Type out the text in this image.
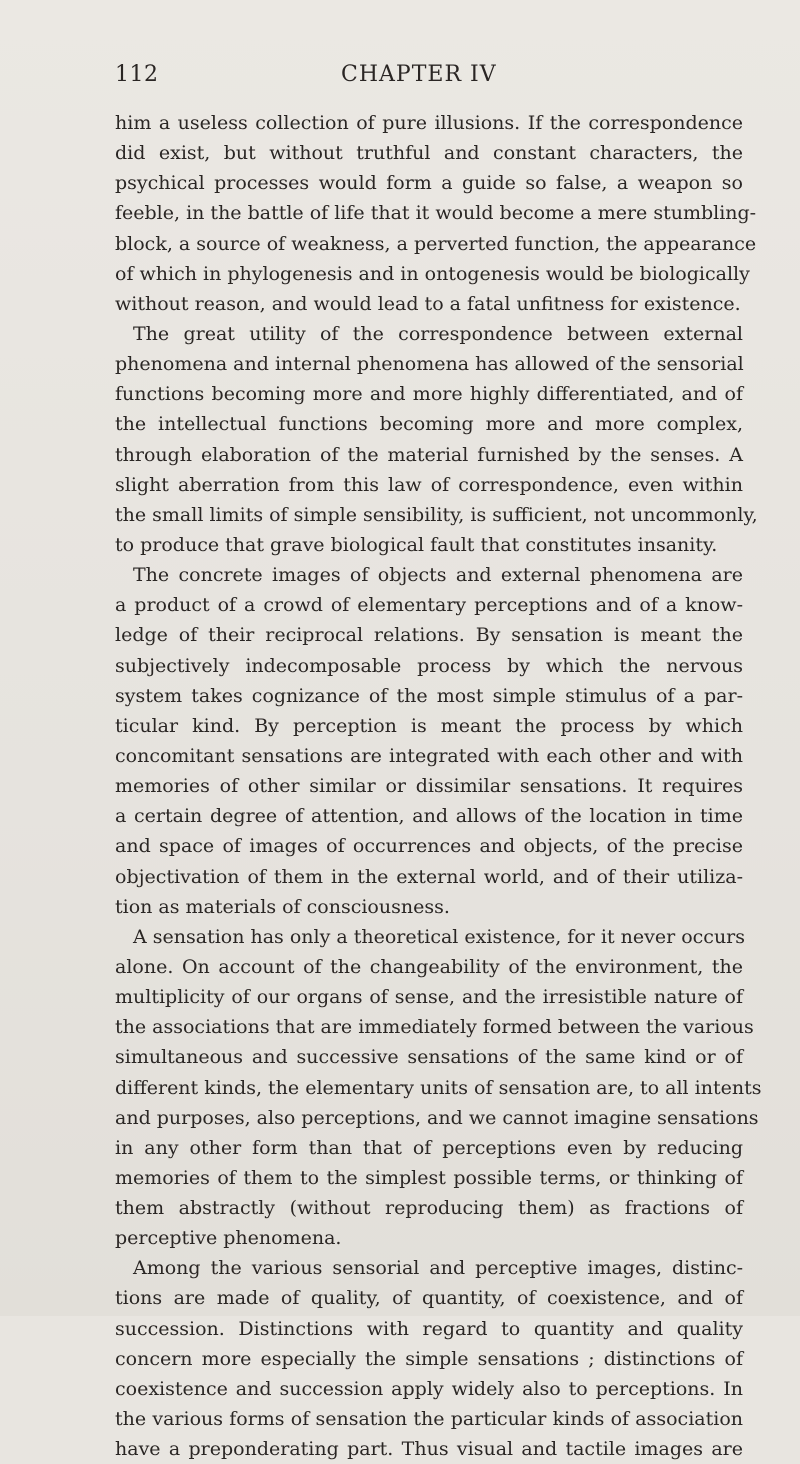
112	CHAPTER IV
him a useless collection of pure illusions. If the correspondence
did exist, but without truthful and constant characters, the
psychical processes would form a guide so false, a weapon so
feeble, in the battle of life that it would become a mere stumbling-
block, a source of weakness, a perverted function, the appearance
of which in phylogenesis and in ontogenesis would be biologically
without reason, and would lead to a fatal unfitness for existence.
The great utility of the correspondence between external
phenomena and internal phenomena has allowed of the sensorial
functions becoming more and more highly differentiated, and of
the intellectual functions becoming more and more complex,
through elaboration of the material furnished by the senses. A
slight aberration from this law of correspondence, even within
the small limits of simple sensibility, is sufficient, not uncommonly,
to produce that grave biological fault that constitutes insanity.
The concrete images of objects and external phenomena are
a product of a crowd of elementary perceptions and of a know-
ledge of their reciprocal relations. By sensation is meant the
subjectively indecomposable process by which the nervous
system takes cognizance of the most simple stimulus of a par-
ticular kind. By perception is meant the process by which
concomitant sensations are integrated with each other and with
memories of other similar or dissimilar sensations. It requires
a certain degree of attention, and allows of the location in time
and space of images of occurrences and objects, of the precise
objectivation of them in the external world, and of their utiliza-
tion as materials of consciousness.
A sensation has only a theoretical existence, for it never occurs
alone. On account of the changeability of the environment, the
multiplicity of our organs of sense, and the irresistible nature of
the associations that are immediately formed between the various
simultaneous and successive sensations of the same kind or of
different kinds, the elementary units of sensation are, to all intents
and purposes, also perceptions, and we cannot imagine sensations
in any other form than that of perceptions even by reducing
memories of them to the simplest possible terms, or thinking of
them abstractly (without reproducing them) as fractions of
perceptive phenomena.
Among the various sensorial and perceptive images, distinc-
tions are made of quality, of quantity, of coexistence, and of
succession. Distinctions with regard to quantity and quality
concern more especially the simple sensations ; distinctions of
coexistence and succession apply widely also to perceptions. In
the various forms of sensation the particular kinds of association
have a preponderating part. Thus visual and tactile images are
